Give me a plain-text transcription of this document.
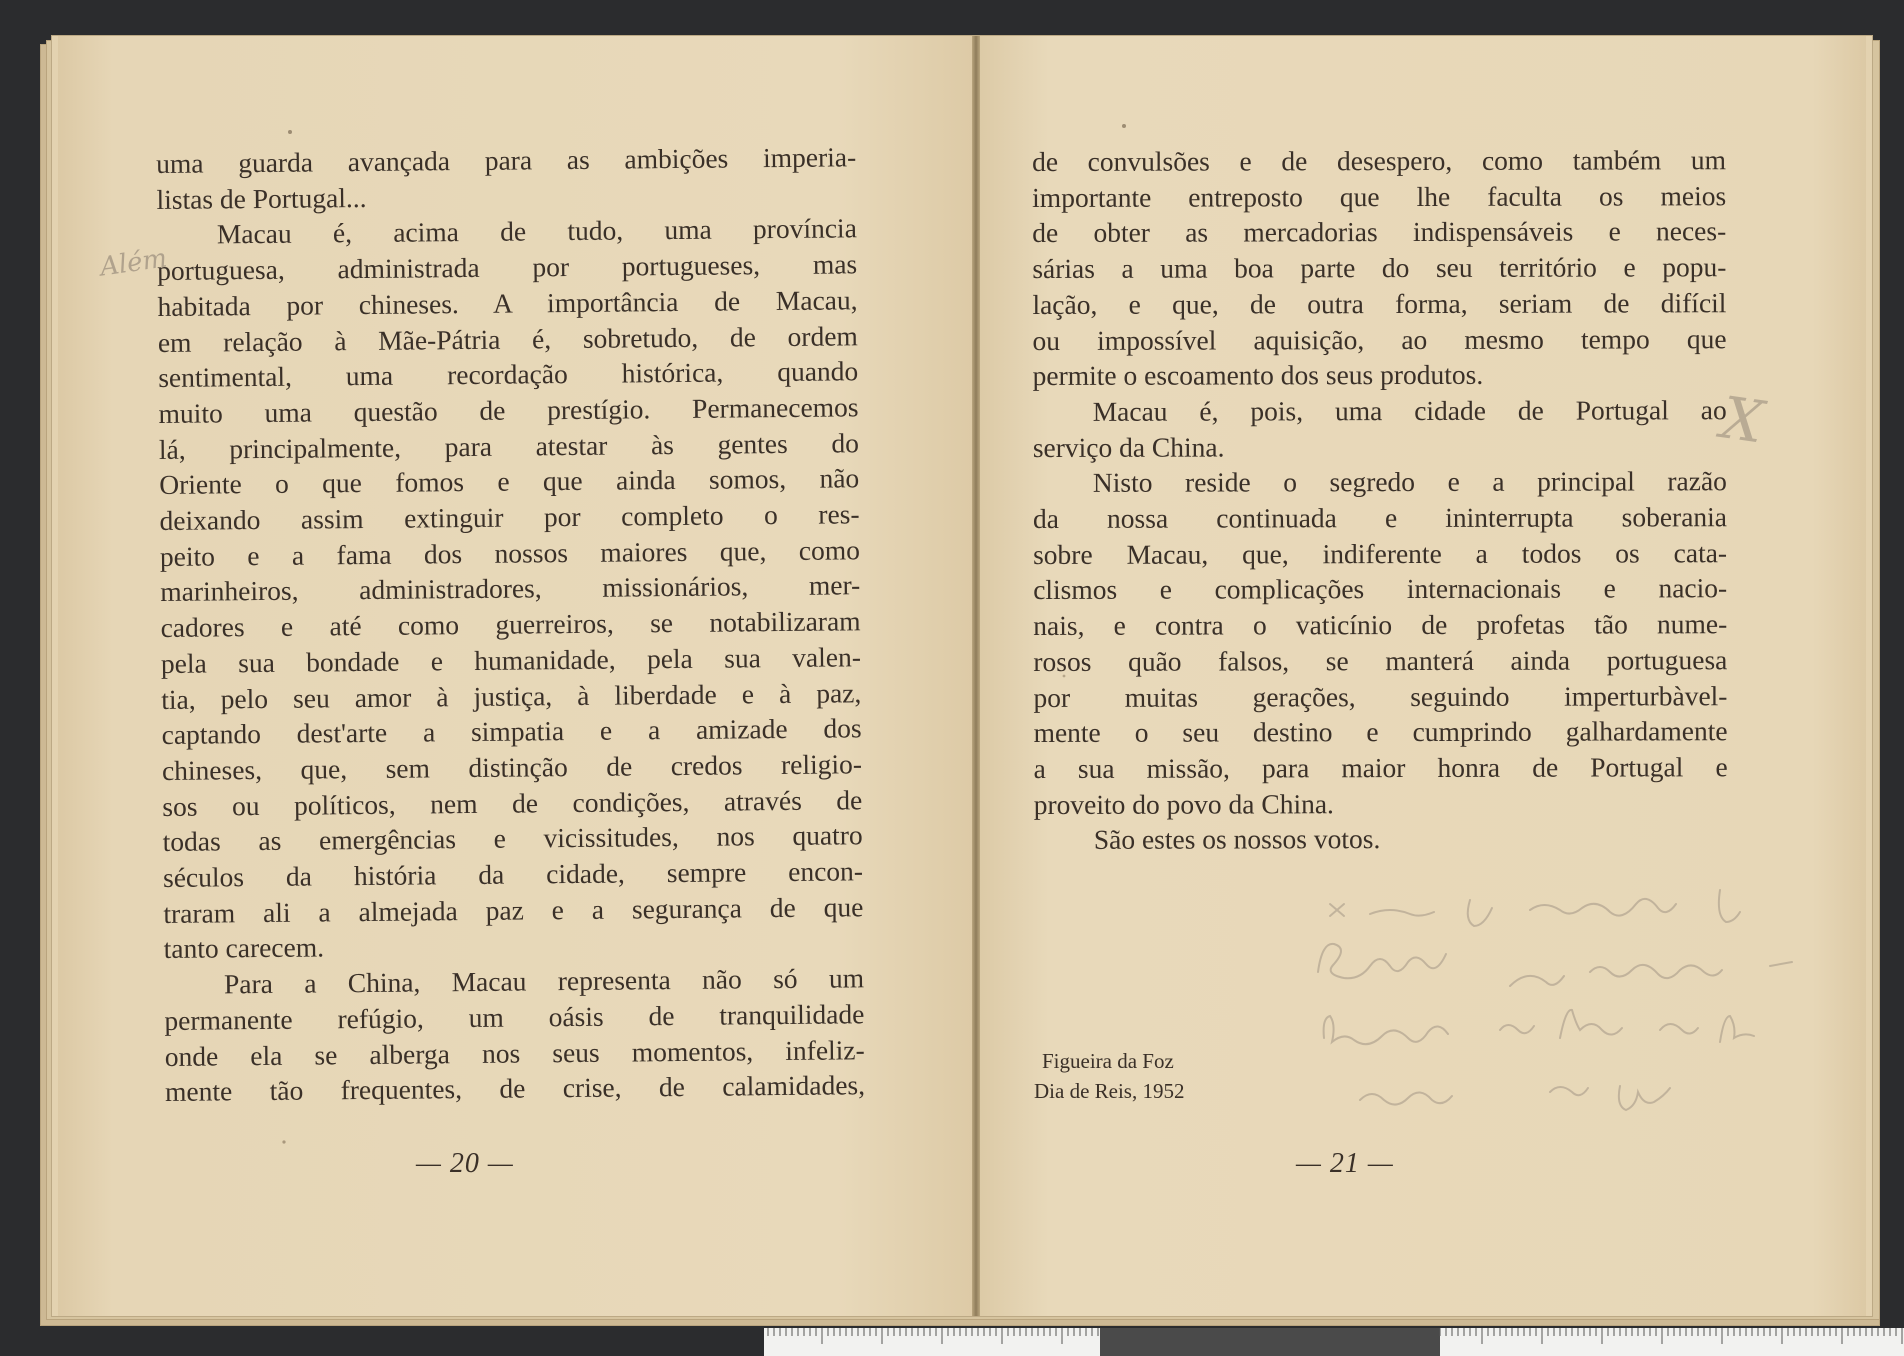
uma guarda avançada para as ambições imperia-
listas de Portugal...

Macau é, acima de tudo, uma província
portuguesa, administrada por portugueses, mas
habitada por chineses. A importância de Macau,
em relação à Mãe-Pátria é, sobretudo, de ordem
sentimental, uma recordação histórica, quando
muito uma questão de prestígio. Permanecemos
lá, principalmente, para atestar às gentes do
Oriente o que fomos e que ainda somos, não
deixando assim extinguir por completo o res-
peito e a fama dos nossos maiores que, como
marinheiros, administradores, missionários, mer-
cadores e até como guerreiros, se notabilizaram
pela sua bondade e humanidade, pela sua valen-
tia, pelo seu amor à justiça, à liberdade e à paz,
captando dest'arte a simpatia e a amizade dos
chineses, que, sem distinção de credos religio-
sos ou políticos, nem de condições, através de
todas as emergências e vicissitudes, nos quatro
séculos da história da cidade, sempre encon-
traram ali a almejada paz e a segurança de que
tanto carecem.

Para a China, Macau representa não só um
permanente refúgio, um oásis de tranquilidade
onde ela se alberga nos seus momentos, infeliz-
mente tão frequentes, de crise, de calamidades,

de convulsões e de desespero, como também um
importante entreposto que lhe faculta os meios
de obter as mercadorias indispensáveis e neces-
sárias a uma boa parte do seu território e popu-
lação, e que, de outra forma, seriam de difícil
ou impossível aquisição, ao mesmo tempo que
permite o escoamento dos seus produtos.

Macau é, pois, uma cidade de Portugal ao
serviço da China.

Nisto reside o segredo e a principal razão
da nossa continuada e ininterrupta soberania
sobre Macau, que, indiferente a todos os cata-
clismos e complicações internacionais e nacio-
nais, e contra o vaticínio de profetas tão nume-
rosos quão falsos, se manterá ainda portuguesa
por muitas gerações, seguindo imperturbàvel-
mente o seu destino e cumprindo galhardamente
a sua missão, para maior honra de Portugal e
proveito do povo da China.

São estes os nossos votos.

Além
X
Figueira da Foz
Dia de Reis, 1952
— 20 —	— 21 —
